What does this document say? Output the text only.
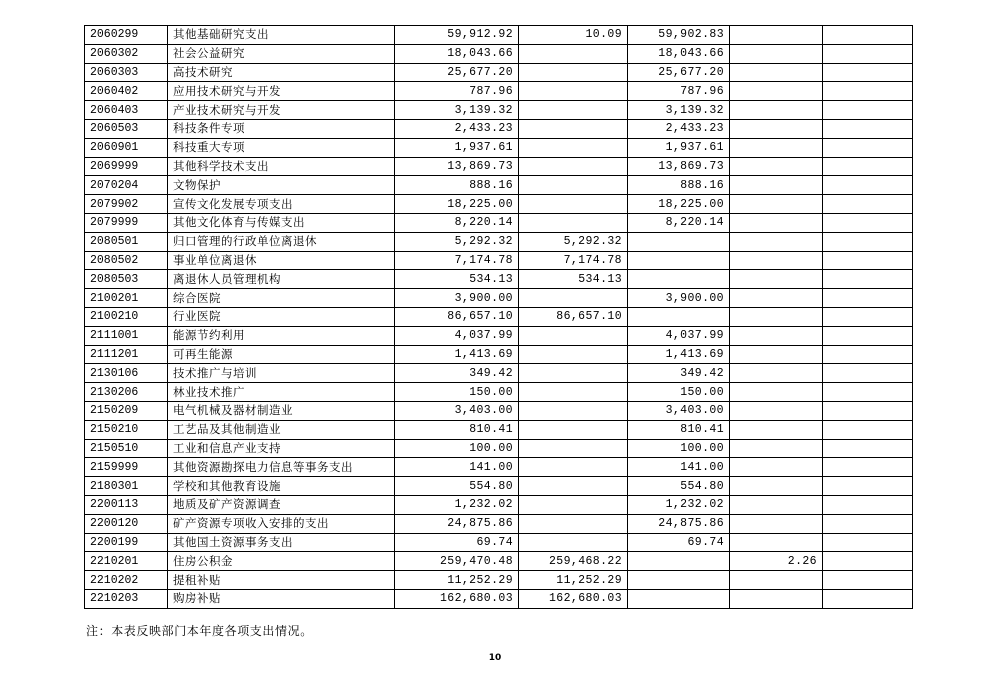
2060299	其他基础研究支出	59,912.92	10.09	59,902.83		
2060302	社会公益研究	18,043.66		18,043.66		
2060303	高技术研究	25,677.20		25,677.20		
2060402	应用技术研究与开发	787.96		787.96		
2060403	产业技术研究与开发	3,139.32		3,139.32		
2060503	科技条件专项	2,433.23		2,433.23		
2060901	科技重大专项	1,937.61		1,937.61		
2069999	其他科学技术支出	13,869.73		13,869.73		
2070204	文物保护	888.16		888.16		
2079902	宣传文化发展专项支出	18,225.00		18,225.00		
2079999	其他文化体育与传媒支出	8,220.14		8,220.14		
2080501	归口管理的行政单位离退休	5,292.32	5,292.32			
2080502	事业单位离退休	7,174.78	7,174.78			
2080503	离退休人员管理机构	534.13	534.13			
2100201	综合医院	3,900.00		3,900.00		
2100210	行业医院	86,657.10	86,657.10			
2111001	能源节约利用	4,037.99		4,037.99		
2111201	可再生能源	1,413.69		1,413.69		
2130106	技术推广与培训	349.42		349.42		
2130206	林业技术推广	150.00		150.00		
2150209	电气机械及器材制造业	3,403.00		3,403.00		
2150210	工艺品及其他制造业	810.41		810.41		
2150510	工业和信息产业支持	100.00		100.00		
2159999	其他资源勘探电力信息等事务支出	141.00		141.00		
2180301	学校和其他教育设施	554.80		554.80		
2200113	地质及矿产资源调查	1,232.02		1,232.02		
2200120	矿产资源专项收入安排的支出	24,875.86		24,875.86		
2200199	其他国土资源事务支出	69.74		69.74		
2210201	住房公积金	259,470.48	259,468.22		2.26	
2210202	提租补贴	11,252.29	11,252.29			
2210203	购房补贴	162,680.03	162,680.03			
注：本表反映部门本年度各项支出情况。
10
